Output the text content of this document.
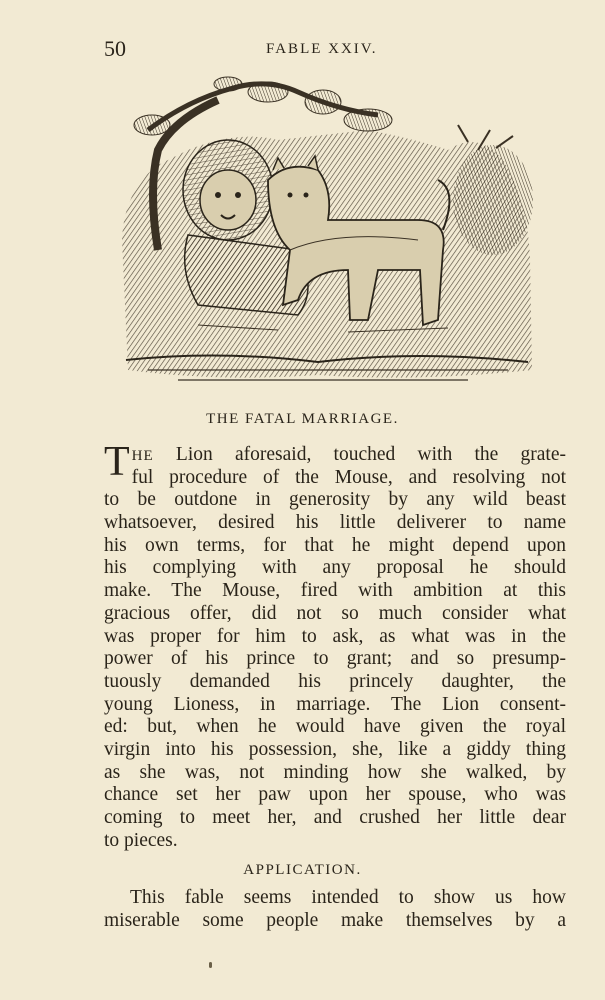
50	FABLE XXIV.
THE FATAL MARRIAGE.
THE Lion aforesaid, touched with the grate-
ful procedure of the Mouse, and resolving not
to be outdone in generosity by any wild beast
whatsoever, desired his little deliverer to name
his own terms, for that he might depend upon
his complying with any proposal he should
make. The Mouse, fired with ambition at this
gracious offer, did not so much consider what
was proper for him to ask, as what was in the
power of his prince to grant; and so presump-
tuously demanded his princely daughter, the
young Lioness, in marriage. The Lion consent-
ed: but, when he would have given the royal
virgin into his possession, she, like a giddy thing
as she was, not minding how she walked, by
chance set her paw upon her spouse, who was
coming to meet her, and crushed her little dear
to pieces.
APPLICATION.
This fable seems intended to show us how
miserable some people make themselves by a
